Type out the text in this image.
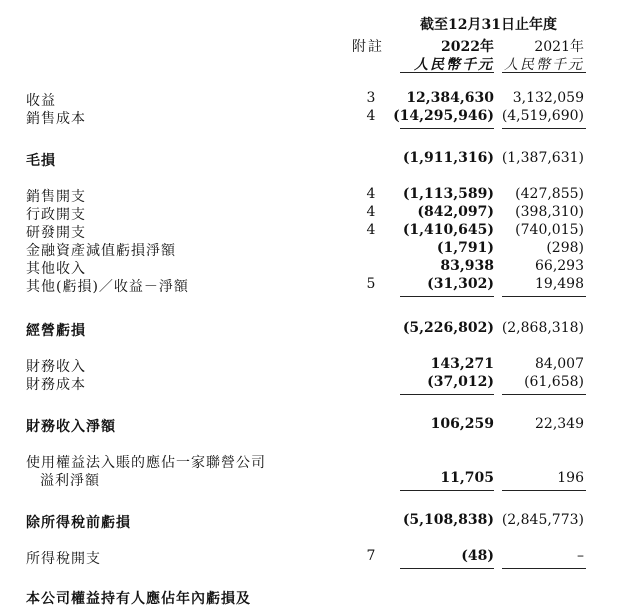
截至12月31日止年度
附註	2022年	2021年
人民幣千元 人民幣千元
收益	3	12,384,630 3,132,059
銷售成本	4	(14,295,946) (4,519,690)
毛損	(1,911,316) (1,387,631)
銷售開支	4	(1,113,589) (427,855)
行政開支	4	(842,097) (398,310)
研發開支	4	(1,410,645) (740,015)
金融資產減值虧損淨額	(1,791)	(298)
其他收入	83,938	66,293
其他(虧損)／收益－淨額	5	(31,302)	19,498
經營虧損	(5,226,802) (2,868,318)
財務收入	143,271	84,007
財務成本	(37,012) (61,658)
財務收入淨額	106,259	22,349
使用權益法入賬的應佔一家聯營公司
溢利淨額	11,705	196
除所得稅前虧損	(5,108,838) (2,845,773)
所得稅開支	7	(48)	–
本公司權益持有人應佔年內虧損及
